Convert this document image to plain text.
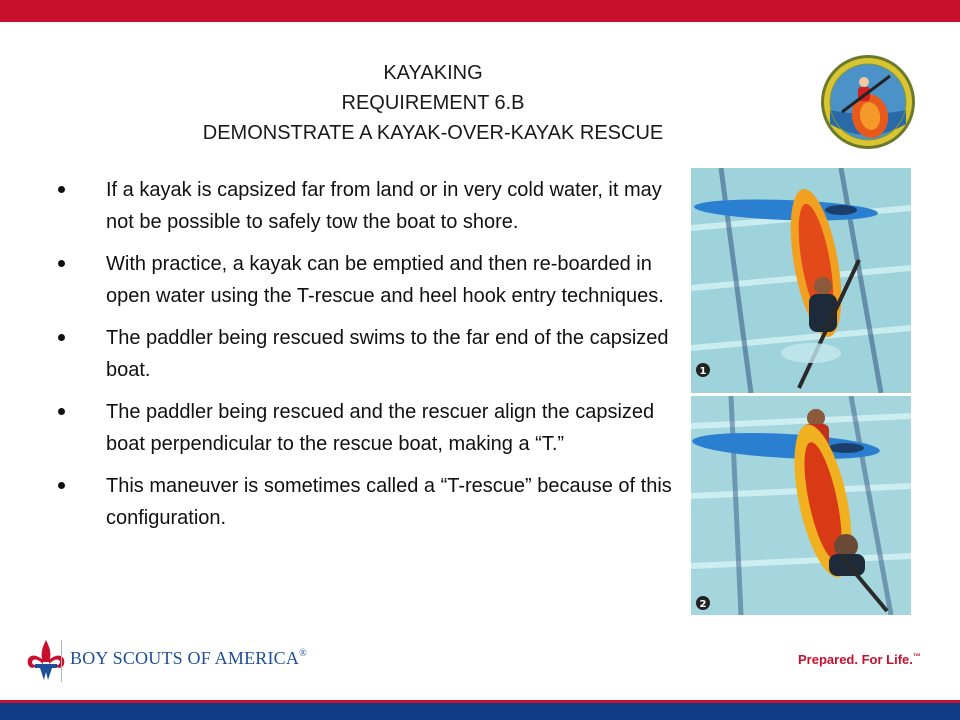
KAYAKING
REQUIREMENT 6.B
DEMONSTRATE A KAYAK-OVER-KAYAK RESCUE
If a kayak is capsized far from land or in very cold water, it may not be possible to safely tow the boat to shore.
With practice, a kayak can be emptied and then re-boarded in open water using the T-rescue and heel hook entry techniques.
The paddler being rescued swims to the far end of the capsized boat.
The paddler being rescued and the rescuer align the capsized boat perpendicular to the rescue boat, making a “T.”
This maneuver is sometimes called a “T-rescue” because of this configuration.
1
2
BOY SCOUTS OF AMERICA®	Prepared. For Life.™
